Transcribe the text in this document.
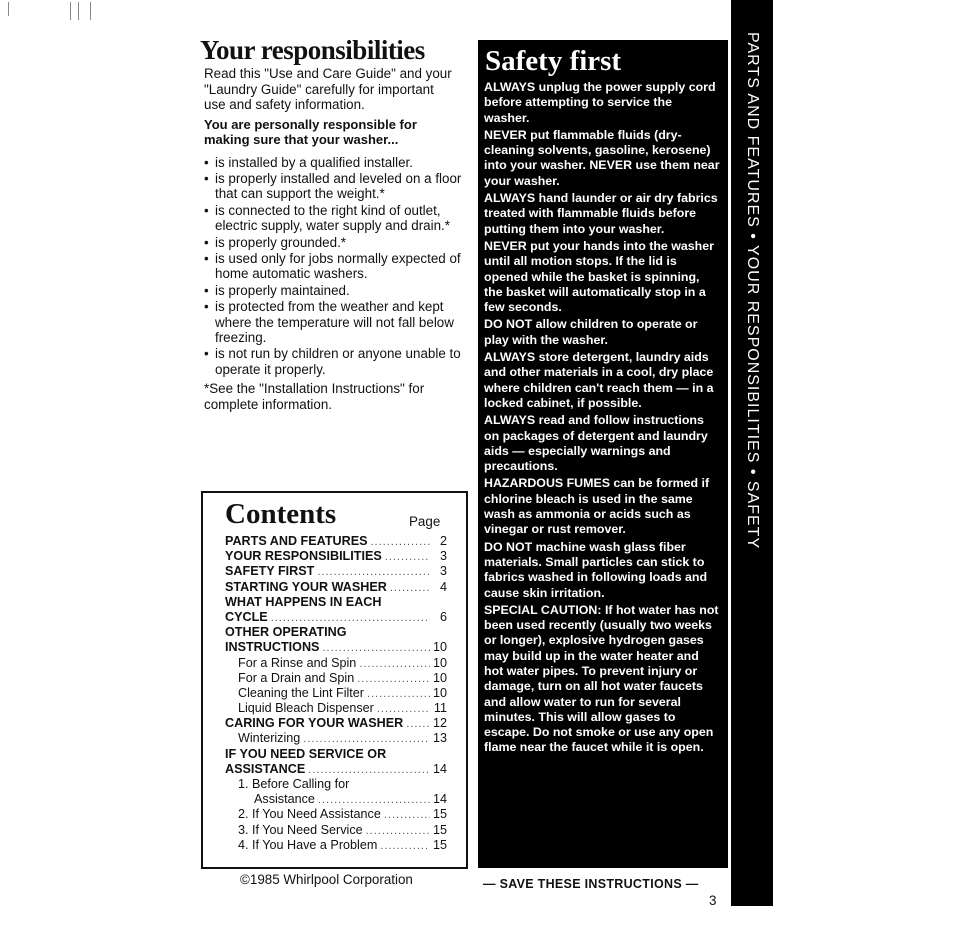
Your responsibilities

Read this "Use and Care Guide" and your "Laundry Guide" carefully for important use and safety information.

You are personally responsible for making sure that your washer...

• is installed by a qualified installer.
• is properly installed and leveled on a floor that can support the weight.*
• is connected to the right kind of outlet, electric supply, water supply and drain.*
• is properly grounded.*
• is used only for jobs normally expected of home automatic washers.
• is properly maintained.
• is protected from the weather and kept where the temperature will not fall below freezing.
• is not run by children or anyone unable to operate it properly.

*See the "Installation Instructions" for complete information.

Contents	Page
PARTS AND FEATURES .....	2
YOUR RESPONSIBILITIES .....	3
SAFETY FIRST .....	3
STARTING YOUR WASHER .....	4
WHAT HAPPENS IN EACH
CYCLE .....	6
OTHER OPERATING
INSTRUCTIONS .....	10
For a Rinse and Spin .....	10
For a Drain and Spin .....	10
Cleaning the Lint Filter .....	10
Liquid Bleach Dispenser .....	11
CARING FOR YOUR WASHER ..... 12
Winterizing .....	13
IF YOU NEED SERVICE OR
ASSISTANCE .....	14
1. Before Calling for
Assistance .....	14
2. If You Need Assistance .....	15
3. If You Need Service .....	15
4. If You Have a Problem .....	15
©1985 Whirlpool Corporation
Safety first

ALWAYS unplug the power supply cord before attempting to service the washer.

NEVER put flammable fluids (dry-cleaning solvents, gasoline, kerosene) into your washer. NEVER use them near your washer.

ALWAYS hand launder or air dry fabrics treated with flammable fluids before putting them into your washer.

NEVER put your hands into the washer until all motion stops. If the lid is opened while the basket is spinning, the basket will automatically stop in a few seconds.

DO NOT allow children to operate or play with the washer.

ALWAYS store detergent, laundry aids and other materials in a cool, dry place where children can't reach them — in a locked cabinet, if possible.

ALWAYS read and follow instructions on packages of detergent and laundry aids — especially warnings and precautions.

HAZARDOUS FUMES can be formed if chlorine bleach is used in the same wash as ammonia or acids such as vinegar or rust remover.

DO NOT machine wash glass fiber materials. Small particles can stick to fabrics washed in following loads and cause skin irritation.

SPECIAL CAUTION: If hot water has not been used recently (usually two weeks or longer), explosive hydrogen gases may build up in the water heater and hot water pipes. To prevent injury or damage, turn on all hot water faucets and allow water to run for several minutes. This will allow gases to escape. Do not smoke or use any open flame near the faucet while it is open.

— SAVE THESE INSTRUCTIONS —
PARTS AND FEATURES • YOUR RESPONSIBILITIES • SAFETY
3
